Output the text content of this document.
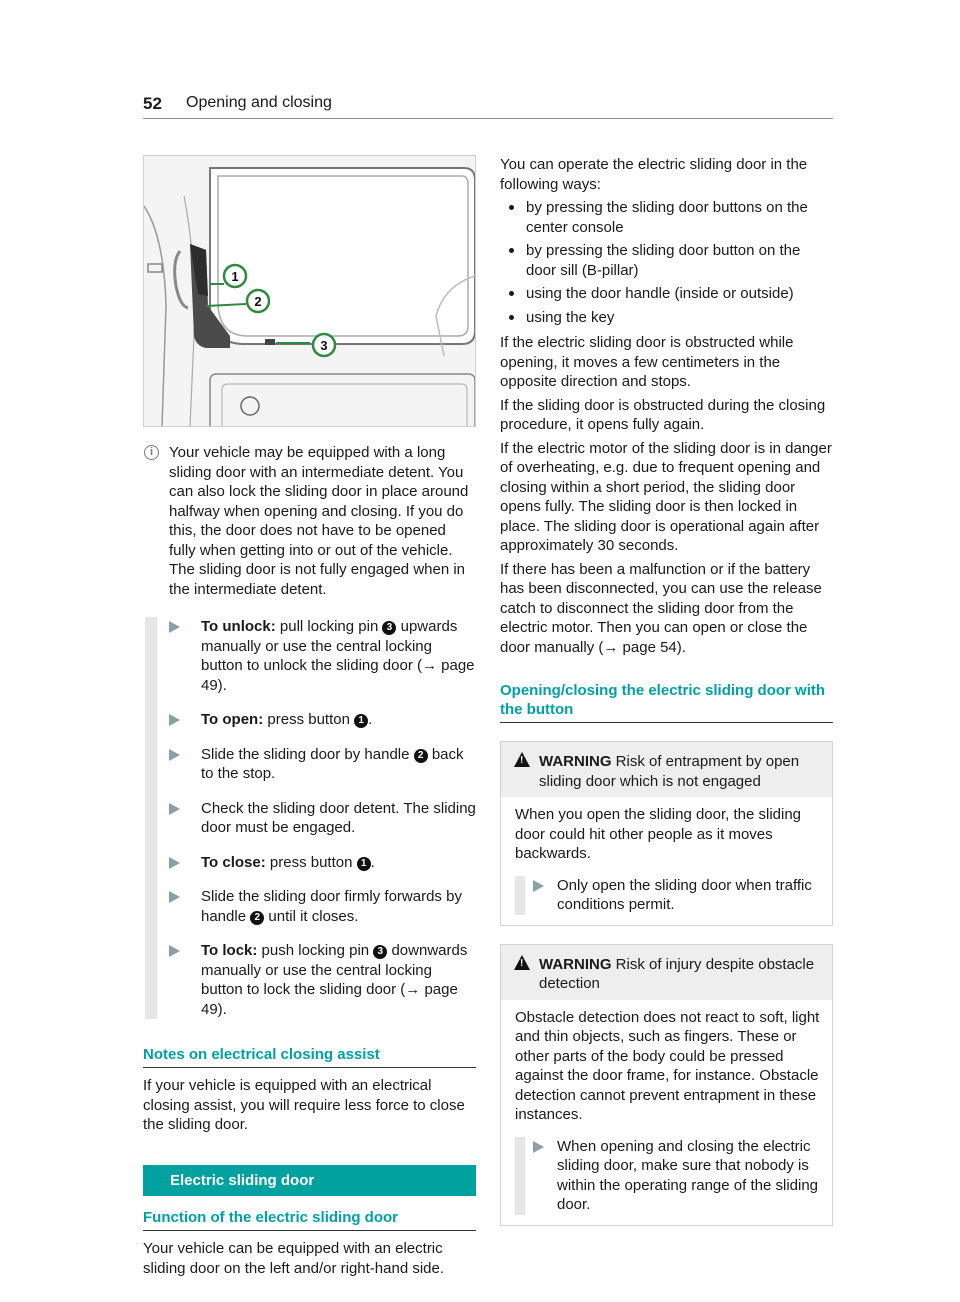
52 Opening and closing
1
2
3
i	Your vehicle may be equipped with a long sliding door with an intermediate detent. You can also lock the sliding door in place around halfway when opening and closing. If you do this, the door does not have to be opened fully when getting into or out of the vehicle. The sliding door is not fully engaged when in the intermediate detent.
To unlock: pull locking pin 3 upwards manually or use the central locking button to unlock the sliding door (→ page 49).
To open: press button 1 .
Slide the sliding door by handle 2 back to the stop.
Check the sliding door detent. The sliding door must be engaged.
To close: press button 1 .
Slide the sliding door firmly forwards by handle 2 until it closes.
To lock: push locking pin 3 downwards manually or use the central locking button to lock the sliding door (→ page 49).
Notes on electrical closing assist

If your vehicle is equipped with an electrical closing assist, you will require less force to close the sliding door.

Electric sliding door
Function of the electric sliding door

Your vehicle can be equipped with an electric sliding door on the left and/or right-hand side.

You can operate the electric sliding door in the following ways:

by pressing the sliding door buttons on the center console
by pressing the sliding door button on the door sill (B-pillar)
using the door handle (inside or outside)
using the key

If the electric sliding door is obstructed while opening, it moves a few centimeters in the opposite direction and stops.

If the sliding door is obstructed during the closing procedure, it opens fully again.

If the electric motor of the sliding door is in danger of overheating, e.g. due to frequent opening and closing within a short period, the sliding door opens fully. The sliding door is then locked in place. The sliding door is operational again after approximately 30 seconds.

If there has been a malfunction or if the battery has been disconnected, you can use the release catch to disconnect the sliding door from the electric motor. Then you can open or close the door manually (→ page 54).

Opening/closing the electric sliding door with the button
! WARNING Risk of entrapment by open sliding door which is not engaged

When you open the sliding door, the sliding door could hit other people as it moves backwards.

Only open the sliding door when traffic conditions permit.
! WARNING Risk of injury despite obstacle detection

Obstacle detection does not react to soft, light and thin objects, such as fingers. These or other parts of the body could be pressed against the door frame, for instance. Obstacle detection cannot prevent entrapment in these instances.

When opening and closing the electric sliding door, make sure that nobody is within the operating range of the sliding door.
